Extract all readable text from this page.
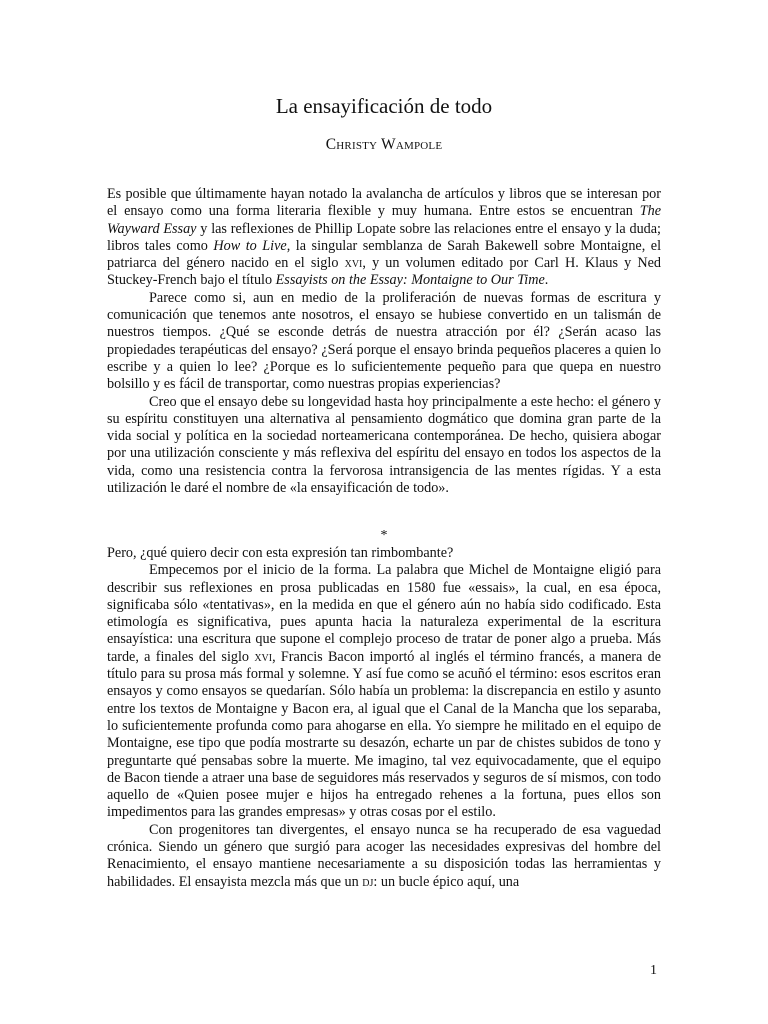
La ensayificación de todo
Christy Wampole

Es posible que últimamente hayan notado la avalancha de artículos y libros que se interesan por el ensayo como una forma literaria flexible y muy humana. Entre estos se encuentran The Wayward Essay y las reflexiones de Phillip Lopate sobre las relaciones entre el ensayo y la duda; libros tales como How to Live, la singular semblanza de Sarah Bakewell sobre Montaigne, el patriarca del género nacido en el siglo xvi, y un volumen editado por Carl H. Klaus y Ned Stuckey-French bajo el título Essayists on the Essay: Montaigne to Our Time.

Parece como si, aun en medio de la proliferación de nuevas formas de escritura y comunicación que tenemos ante nosotros, el ensayo se hubiese convertido en un talismán de nuestros tiempos. ¿Qué se esconde detrás de nuestra atracción por él? ¿Serán acaso las propiedades terapéuticas del ensayo? ¿Será porque el ensayo brinda pequeños placeres a quien lo escribe y a quien lo lee? ¿Porque es lo suficientemente pequeño para que quepa en nuestro bolsillo y es fácil de transportar, como nuestras propias experiencias?

Creo que el ensayo debe su longevidad hasta hoy principalmente a este hecho: el género y su espíritu constituyen una alternativa al pensamiento dogmático que domina gran parte de la vida social y política en la sociedad norteamericana contemporánea. De hecho, quisiera abogar por una utilización consciente y más reflexiva del espíritu del ensayo en todos los aspectos de la vida, como una resistencia contra la fervorosa intransigencia de las mentes rígidas. Y a esta utilización le daré el nombre de «la ensayificación de todo».

*

Pero, ¿qué quiero decir con esta expresión tan rimbombante?

Empecemos por el inicio de la forma. La palabra que Michel de Montaigne eligió para describir sus reflexiones en prosa publicadas en 1580 fue «essais», la cual, en esa época, significaba sólo «tentativas», en la medida en que el género aún no había sido codificado. Esta etimología es significativa, pues apunta hacia la naturaleza experimental de la escritura ensayística: una escritura que supone el complejo proceso de tratar de poner algo a prueba. Más tarde, a finales del siglo xvi, Francis Bacon importó al inglés el término francés, a manera de título para su prosa más formal y solemne. Y así fue como se acuñó el término: esos escritos eran ensayos y como ensayos se quedarían. Sólo había un problema: la discrepancia en estilo y asunto entre los textos de Montaigne y Bacon era, al igual que el Canal de la Mancha que los separaba, lo suficientemente profunda como para ahogarse en ella. Yo siempre he militado en el equipo de Montaigne, ese tipo que podía mostrarte su desazón, echarte un par de chistes subidos de tono y preguntarte qué pensabas sobre la muerte. Me imagino, tal vez equivocadamente, que el equipo de Bacon tiende a atraer una base de seguidores más reservados y seguros de sí mismos, con todo aquello de «Quien posee mujer e hijos ha entregado rehenes a la fortuna, pues ellos son impedimentos para las grandes empresas» y otras cosas por el estilo.

Con progenitores tan divergentes, el ensayo nunca se ha recuperado de esa vaguedad crónica. Siendo un género que surgió para acoger las necesidades expresivas del hombre del Renacimiento, el ensayo mantiene necesariamente a su disposición todas las herramientas y habilidades. El ensayista mezcla más que un dj: un bucle épico aquí, una

1
